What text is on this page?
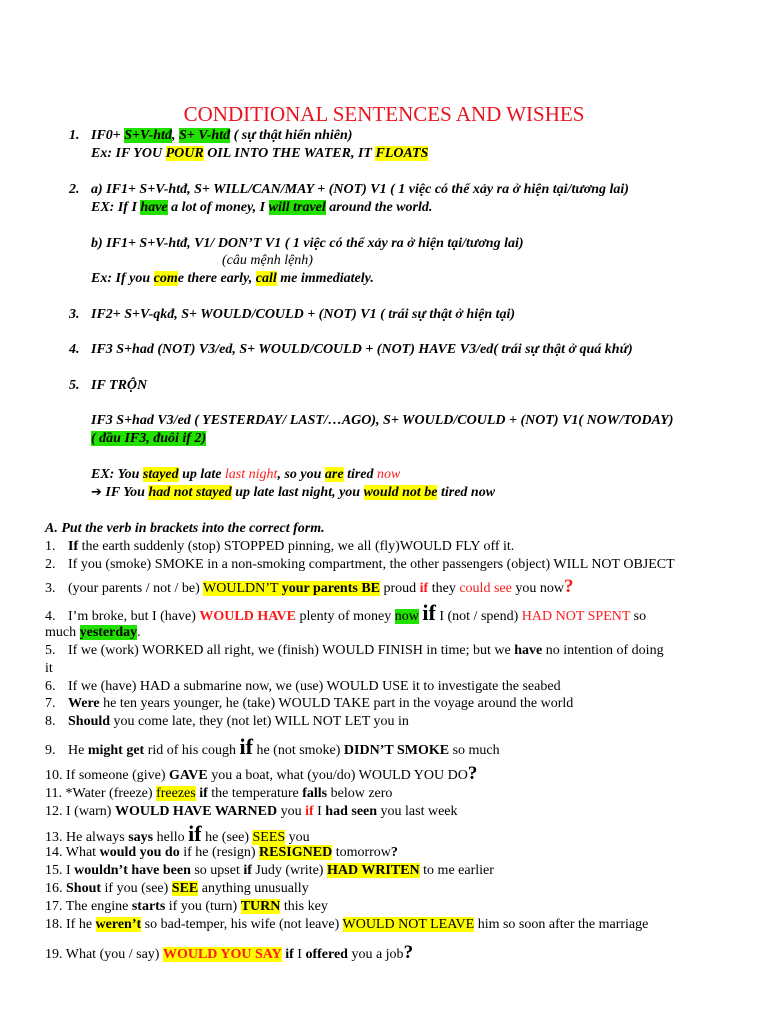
CONDITIONAL SENTENCES AND WISHES
1. IF0+ S+V-htđ, S+ V-htđ ( sự thật hiển nhiên)
Ex: IF YOU POUR OIL INTO THE WATER, IT FLOATS
2. a) IF1+ S+V-htđ, S+ WILL/CAN/MAY + (NOT) V1 ( 1 việc có thể xảy ra ở hiện tại/tương lai)
EX: If I have a lot of money, I will travel around the world.
b) IF1+ S+V-htđ, V1/ DON’T V1 ( 1 việc có thể xảy ra ở hiện tại/tương lai)
(câu mệnh lệnh)
Ex: If you come there early, call me immediately.
3. IF2+ S+V-qkđ, S+ WOULD/COULD + (NOT) V1 ( trái sự thật ở hiện tại)
4. IF3 S+had (NOT) V3/ed, S+ WOULD/COULD + (NOT) HAVE V3/ed( trái sự thật ở quá khứ)
5. IF TRỘN
IF3 S+had V3/ed ( YESTERDAY/ LAST/…AGO), S+ WOULD/COULD + (NOT) V1( NOW/TODAY)
( đầu IF3, đuôi if 2)
EX: You stayed up late last night, so you are tired now
➔ IF You had not stayed up late last night, you would not be tired now
A. Put the verb in brackets into the correct form.
1. If the earth suddenly (stop) STOPPED pinning, we all (fly)WOULD FLY off it.
2. If you (smoke) SMOKE in a non-smoking compartment, the other passengers (object) WILL NOT OBJECT
3. (your parents / not / be) WOULDN’T your parents BE proud if they could see you now?
4. I’m broke, but I (have) WOULD HAVE plenty of money now if I (not / spend) HAD NOT SPENT so
much yesterday.
5. If we (work) WORKED all right, we (finish) WOULD FINISH in time; but we have no intention of doing
it
6. If we (have) HAD a submarine now, we (use) WOULD USE it to investigate the seabed
7. Were he ten years younger, he (take) WOULD TAKE part in the voyage around the world
8. Should you come late, they (not let) WILL NOT LET you in
9. He might get rid of his cough if he (not smoke) DIDN’T SMOKE so much
10. If someone (give) GAVE you a boat, what (you/do) WOULD YOU DO?
11. *Water (freeze) freezes if the temperature falls below zero
12. I (warn) WOULD HAVE WARNED you if I had seen you last week
13. He always says hello if he (see) SEES you
14. What would you do if he (resign) RESIGNED tomorrow?
15. I wouldn’t have been so upset if Judy (write) HAD WRITEN to me earlier
16. Shout if you (see) SEE anything unusually
17. The engine starts if you (turn) TURN this key
18. If he weren’t so bad-temper, his wife (not leave) WOULD NOT LEAVE him so soon after the marriage
19. What (you / say) WOULD YOU SAY if I offered you a job?
